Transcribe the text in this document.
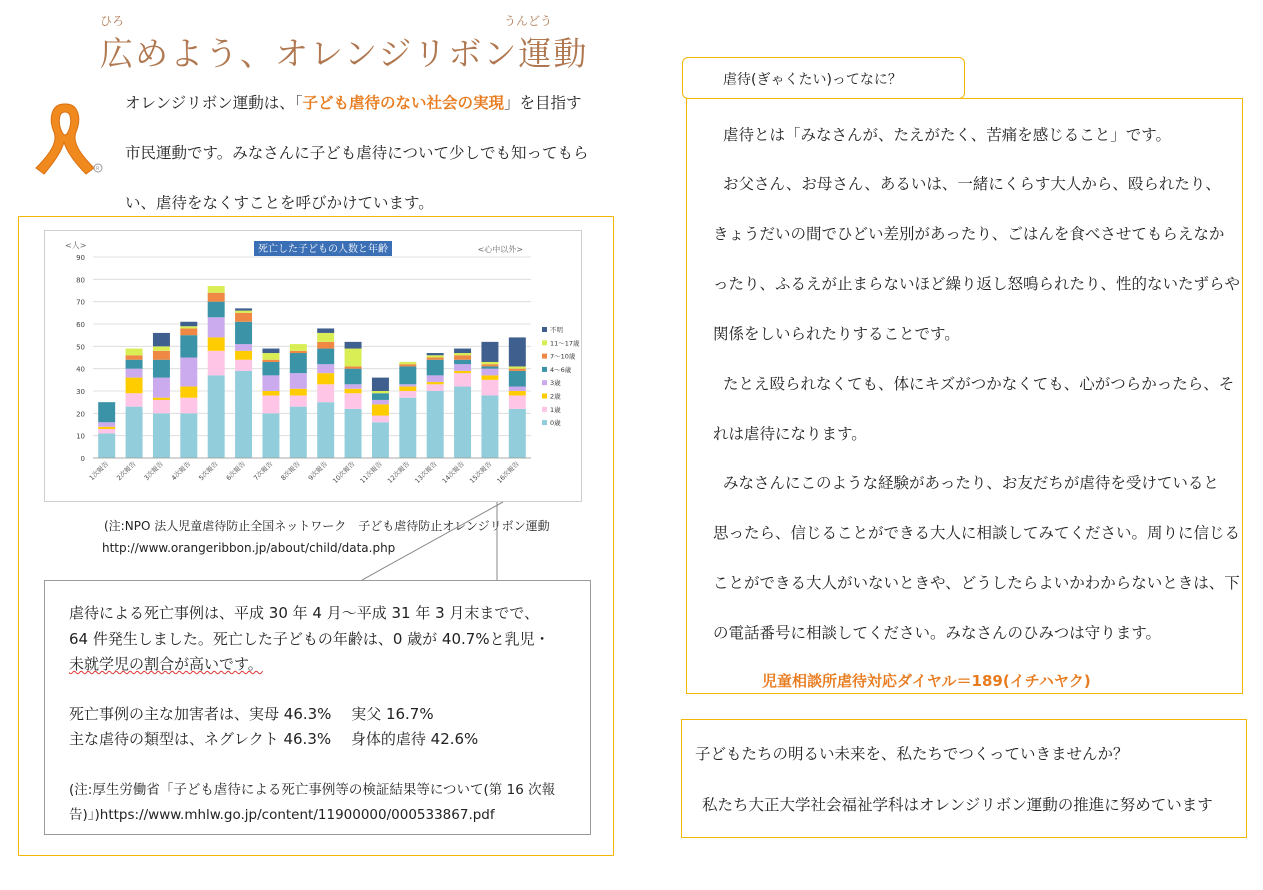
ひろ	うんどう
広めよう、オレンジリボン運動
R
オレンジリボン運動は、「子ども虐待のない社会の実現」を目指す
市民運動です。みなさんに子ども虐待について少しでも知ってもら
い、虐待をなくすことを呼びかけています。
死亡した子どもの人数と年齢
<人>	<心中以外>
0
10
20
30
40
50
60
70
80
90
1次報告 2次報告 3次報告 4次報告 5次報告 6次報告 7次報告 8次報告 9次報告 10次報告 11次報告 12次報告 13次報告 14次報告 15次報告 16次報告
不明
11〜17歳
7〜10歳
4〜6歳
3歳
2歳
1歳
0歳
(注:NPO 法人児童虐待防止全国ネットワーク　子ども虐待防止オレンジリボン運動
http://www.orangeribbon.jp/about/child/data.php

虐待による死亡事例は、平成 30 年 4 月〜平成 31 年 3 月末までで、

64 件発生しました。死亡した子どもの年齢は、0 歳が 40.7%と乳児・

未就学児の割合が高いです。

死亡事例の主な加害者は、実母 46.3%　 実父 16.7%

主な虐待の類型は、ネグレクト 46.3%　 身体的虐待 42.6%

(注:厚生労働省「子ども虐待による死亡事例等の検証結果等について(第 16 次報

告)」)https://www.mhlw.go.jp/content/11900000/000533867.pdf

虐待(ぎゃくたい)ってなに？

虐待とは「みなさんが、たえがたく、苦痛を感じること」です。

お父さん、お母さん、あるいは、一緒にくらす大人から、殴られたり、

きょうだいの間でひどい差別があったり、ごはんを食べさせてもらえなか

ったり、ふるえが止まらないほど繰り返し怒鳴られたり、性的ないたずらや

関係をしいられたりすることです。

たとえ殴られなくても、体にキズがつかなくても、心がつらかったら、そ

れは虐待になります。

みなさんにこのような経験があったり、お友だちが虐待を受けていると

思ったら、信じることができる大人に相談してみてください。周りに信じる

ことができる大人がいないときや、どうしたらよいかわからないときは、下

の電話番号に相談してください。みなさんのひみつは守ります。

児童相談所虐待対応ダイヤル＝189(イチハヤク)

子どもたちの明るい未来を、私たちでつくっていきませんか？

私たち大正大学社会福祉学科はオレンジリボン運動の推進に努めています
